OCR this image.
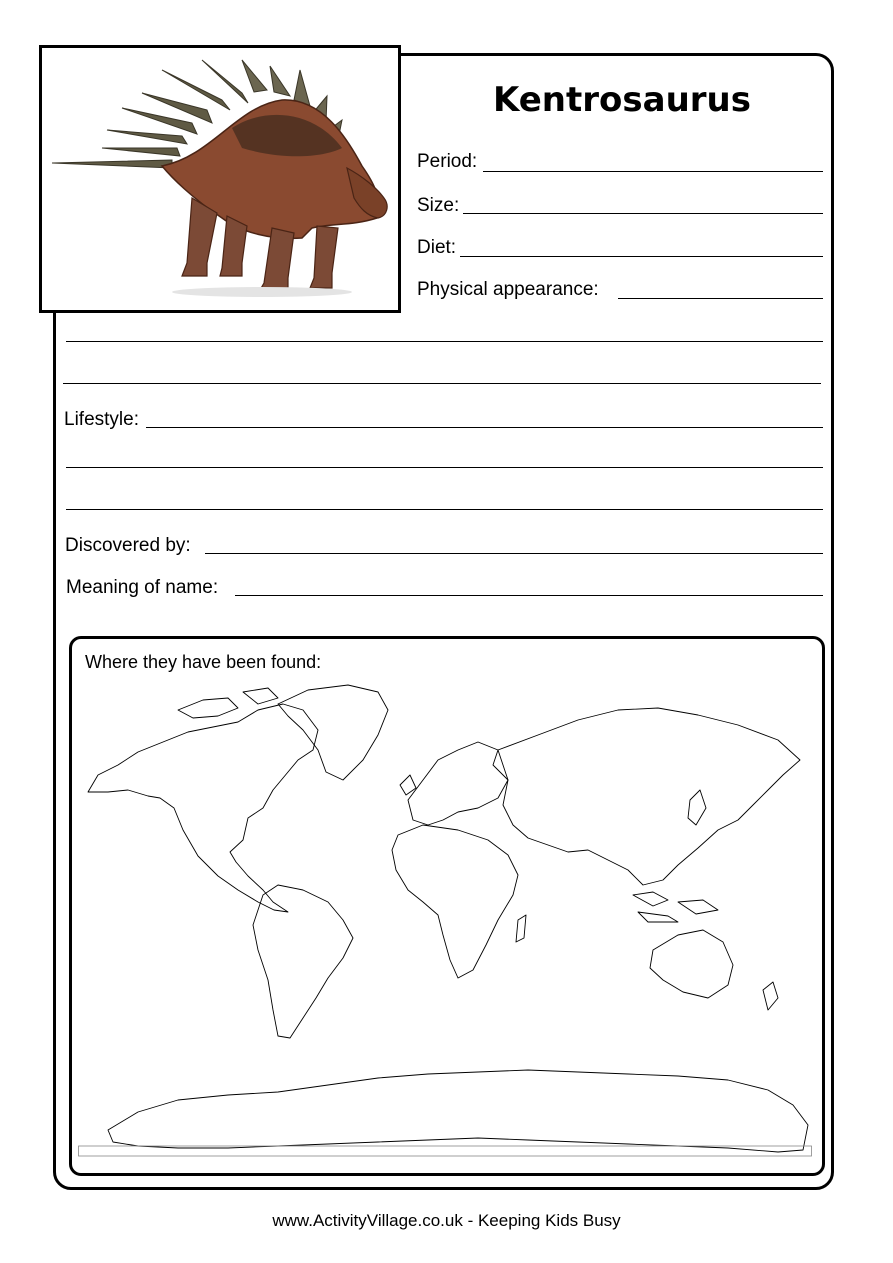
Kentrosaurus
Period:
Size:
Diet:
Physical appearance:
Lifestyle:
Discovered by:
Meaning of name:
Where they have been found:
www.ActivityVillage.co.uk - Keeping Kids Busy
